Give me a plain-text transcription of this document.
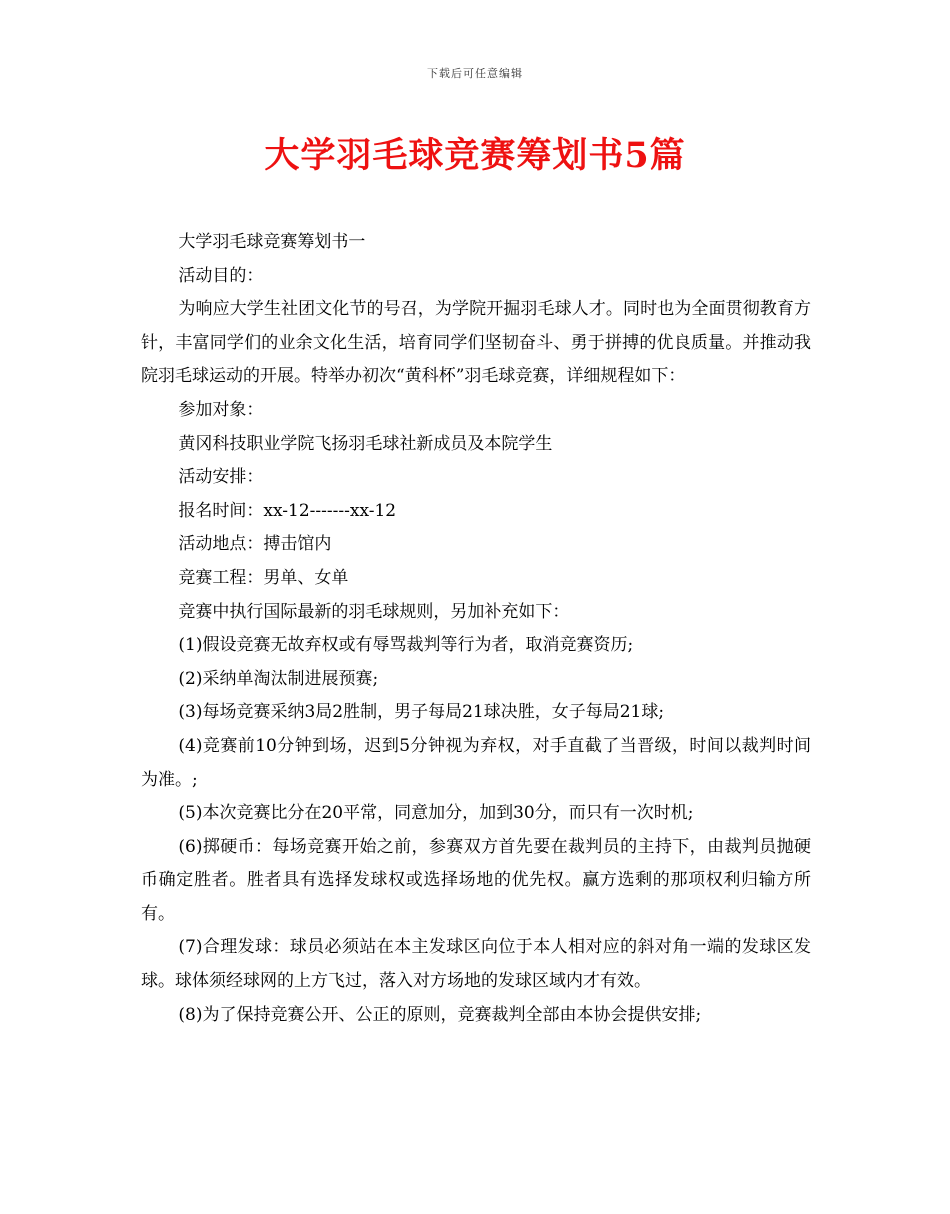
下载后可任意编辑
大学羽毛球竞赛筹划书5篇

大学羽毛球竞赛筹划书一

活动目的：

为响应大学生社团文化节的号召，为学院开掘羽毛球人才。同时也为全面贯彻教育方针，丰富同学们的业余文化生活，培育同学们坚韧奋斗、勇于拼搏的优良质量。并推动我院羽毛球运动的开展。特举办初次“黄科杯”羽毛球竞赛，详细规程如下：

参加对象：

黄冈科技职业学院飞扬羽毛球社新成员及本院学生

活动安排：

报名时间：xx-12-------xx-12

活动地点：搏击馆内

竞赛工程：男单、女单

竞赛中执行国际最新的羽毛球规则，另加补充如下：

(1)假设竞赛无故弃权或有辱骂裁判等行为者，取消竞赛资历;

(2)采纳单淘汰制进展预赛;

(3)每场竞赛采纳3局2胜制，男子每局21球决胜，女子每局21球;

(4)竞赛前10分钟到场，迟到5分钟视为弃权，对手直截了当晋级，时间以裁判时间为准。;

(5)本次竞赛比分在20平常，同意加分，加到30分，而只有一次时机;

(6)掷硬币：每场竞赛开始之前，参赛双方首先要在裁判员的主持下，由裁判员抛硬币确定胜者。胜者具有选择发球权或选择场地的优先权。赢方选剩的那项权利归输方所有。

(7)合理发球：球员必须站在本主发球区向位于本人相对应的斜对角一端的发球区发球。球体须经球网的上方飞过，落入对方场地的发球区域内才有效。

(8)为了保持竞赛公开、公正的原则，竞赛裁判全部由本协会提供安排;
